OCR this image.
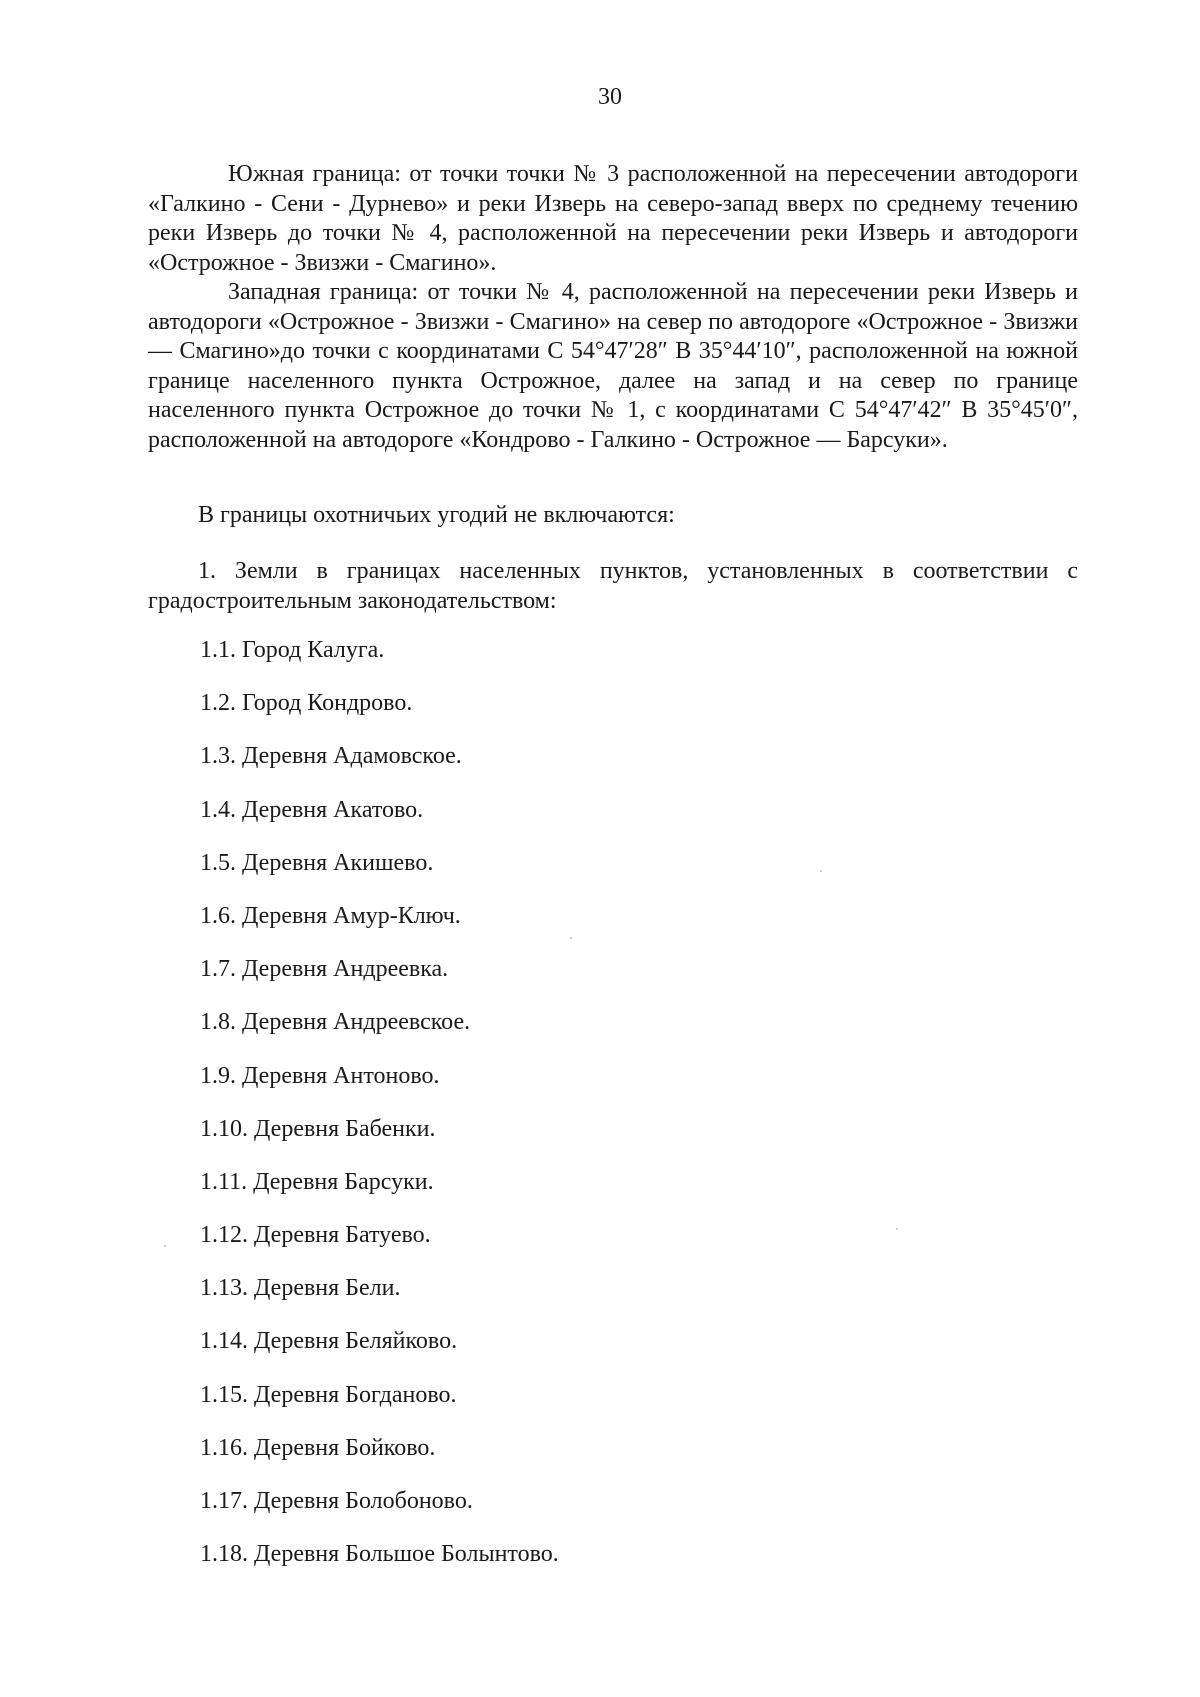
30

Южная граница: от точки точки № 3 расположенной на пересечении автодороги «Галкино - Сени - Дурнево» и реки Изверь на северо-запад вверх по среднему течению реки Изверь до точки № 4, расположенной на пересечении реки Изверь и автодороги «Острожное - Звизжи - Смагино».

Западная граница: от точки № 4, расположенной на пересечении реки Изверь и автодороги «Острожное - Звизжи - Смагино» на север по автодороге «Острожное - Звизжи — Смагино»до точки с координатами С 54°47′28″ В 35°44′10″, расположенной на южной границе населенного пункта Острожное, далее на запад и на север по границе населенного пункта Острожное до точки № 1, с координатами С 54°47′42″ В 35°45′0″, расположенной на автодороге «Кондрово - Галкино - Острожное — Барсуки».

В границы охотничьих угодий не включаются:

1. Земли в границах населенных пунктов, установленных в соответствии с градостроительным законодательством:

1.1. Город Калуга.
1.2. Город Кондрово.
1.3. Деревня Адамовское.
1.4. Деревня Акатово.
1.5. Деревня Акишево.
1.6. Деревня Амур-Ключ.
1.7. Деревня Андреевка.
1.8. Деревня Андреевское.
1.9. Деревня Антоново.
1.10. Деревня Бабенки.
1.11. Деревня Барсуки.
1.12. Деревня Батуево.
1.13. Деревня Бели.
1.14. Деревня Беляйково.
1.15. Деревня Богданово.
1.16. Деревня Бойково.
1.17. Деревня Болобоново.
1.18. Деревня Большое Болынтово.
